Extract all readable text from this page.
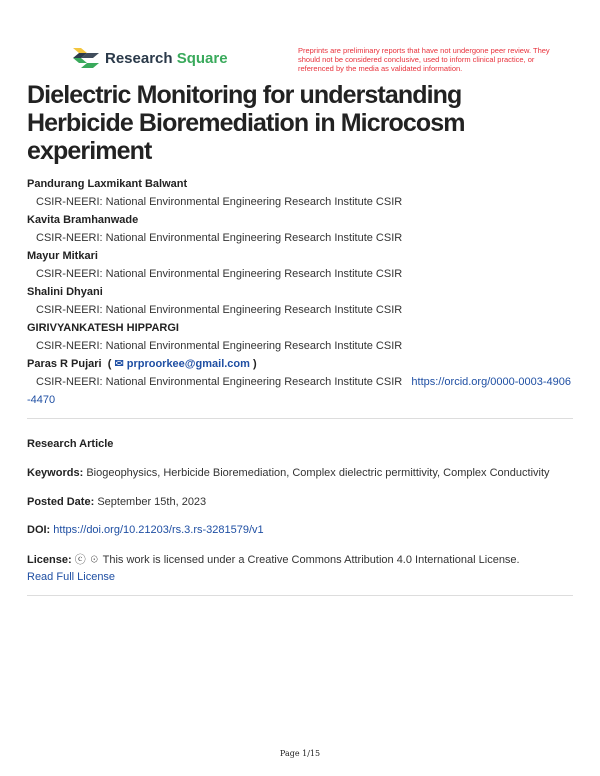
Research Square	Preprints are preliminary reports that have not undergone peer review. They should not be considered conclusive, used to inform clinical practice, or referenced by the media as validated information.
Dielectric Monitoring for understanding Herbicide Bioremediation in Microcosm experiment
Pandurang Laxmikant Balwant
CSIR-NEERI: National Environmental Engineering Research Institute CSIR
Kavita Bramhanwade
CSIR-NEERI: National Environmental Engineering Research Institute CSIR
Mayur Mitkari
CSIR-NEERI: National Environmental Engineering Research Institute CSIR
Shalini Dhyani
CSIR-NEERI: National Environmental Engineering Research Institute CSIR
GIRIVYANKATESH HIPPARGI
CSIR-NEERI: National Environmental Engineering Research Institute CSIR
Paras R Pujari  ( ✉ prproorkee@gmail.com )
CSIR-NEERI: National Environmental Engineering Research Institute CSIR https://orcid.org/0000-0003-4906-4470
Research Article
Keywords: Biogeophysics, Herbicide Bioremediation, Complex dielectric permittivity, Complex Conductivity
Posted Date: September 15th, 2023
DOI: https://doi.org/10.21203/rs.3.rs-3281579/v1
License: ⓒ ☉ This work is licensed under a Creative Commons Attribution 4.0 International License.
Read Full License
Page 1/15
